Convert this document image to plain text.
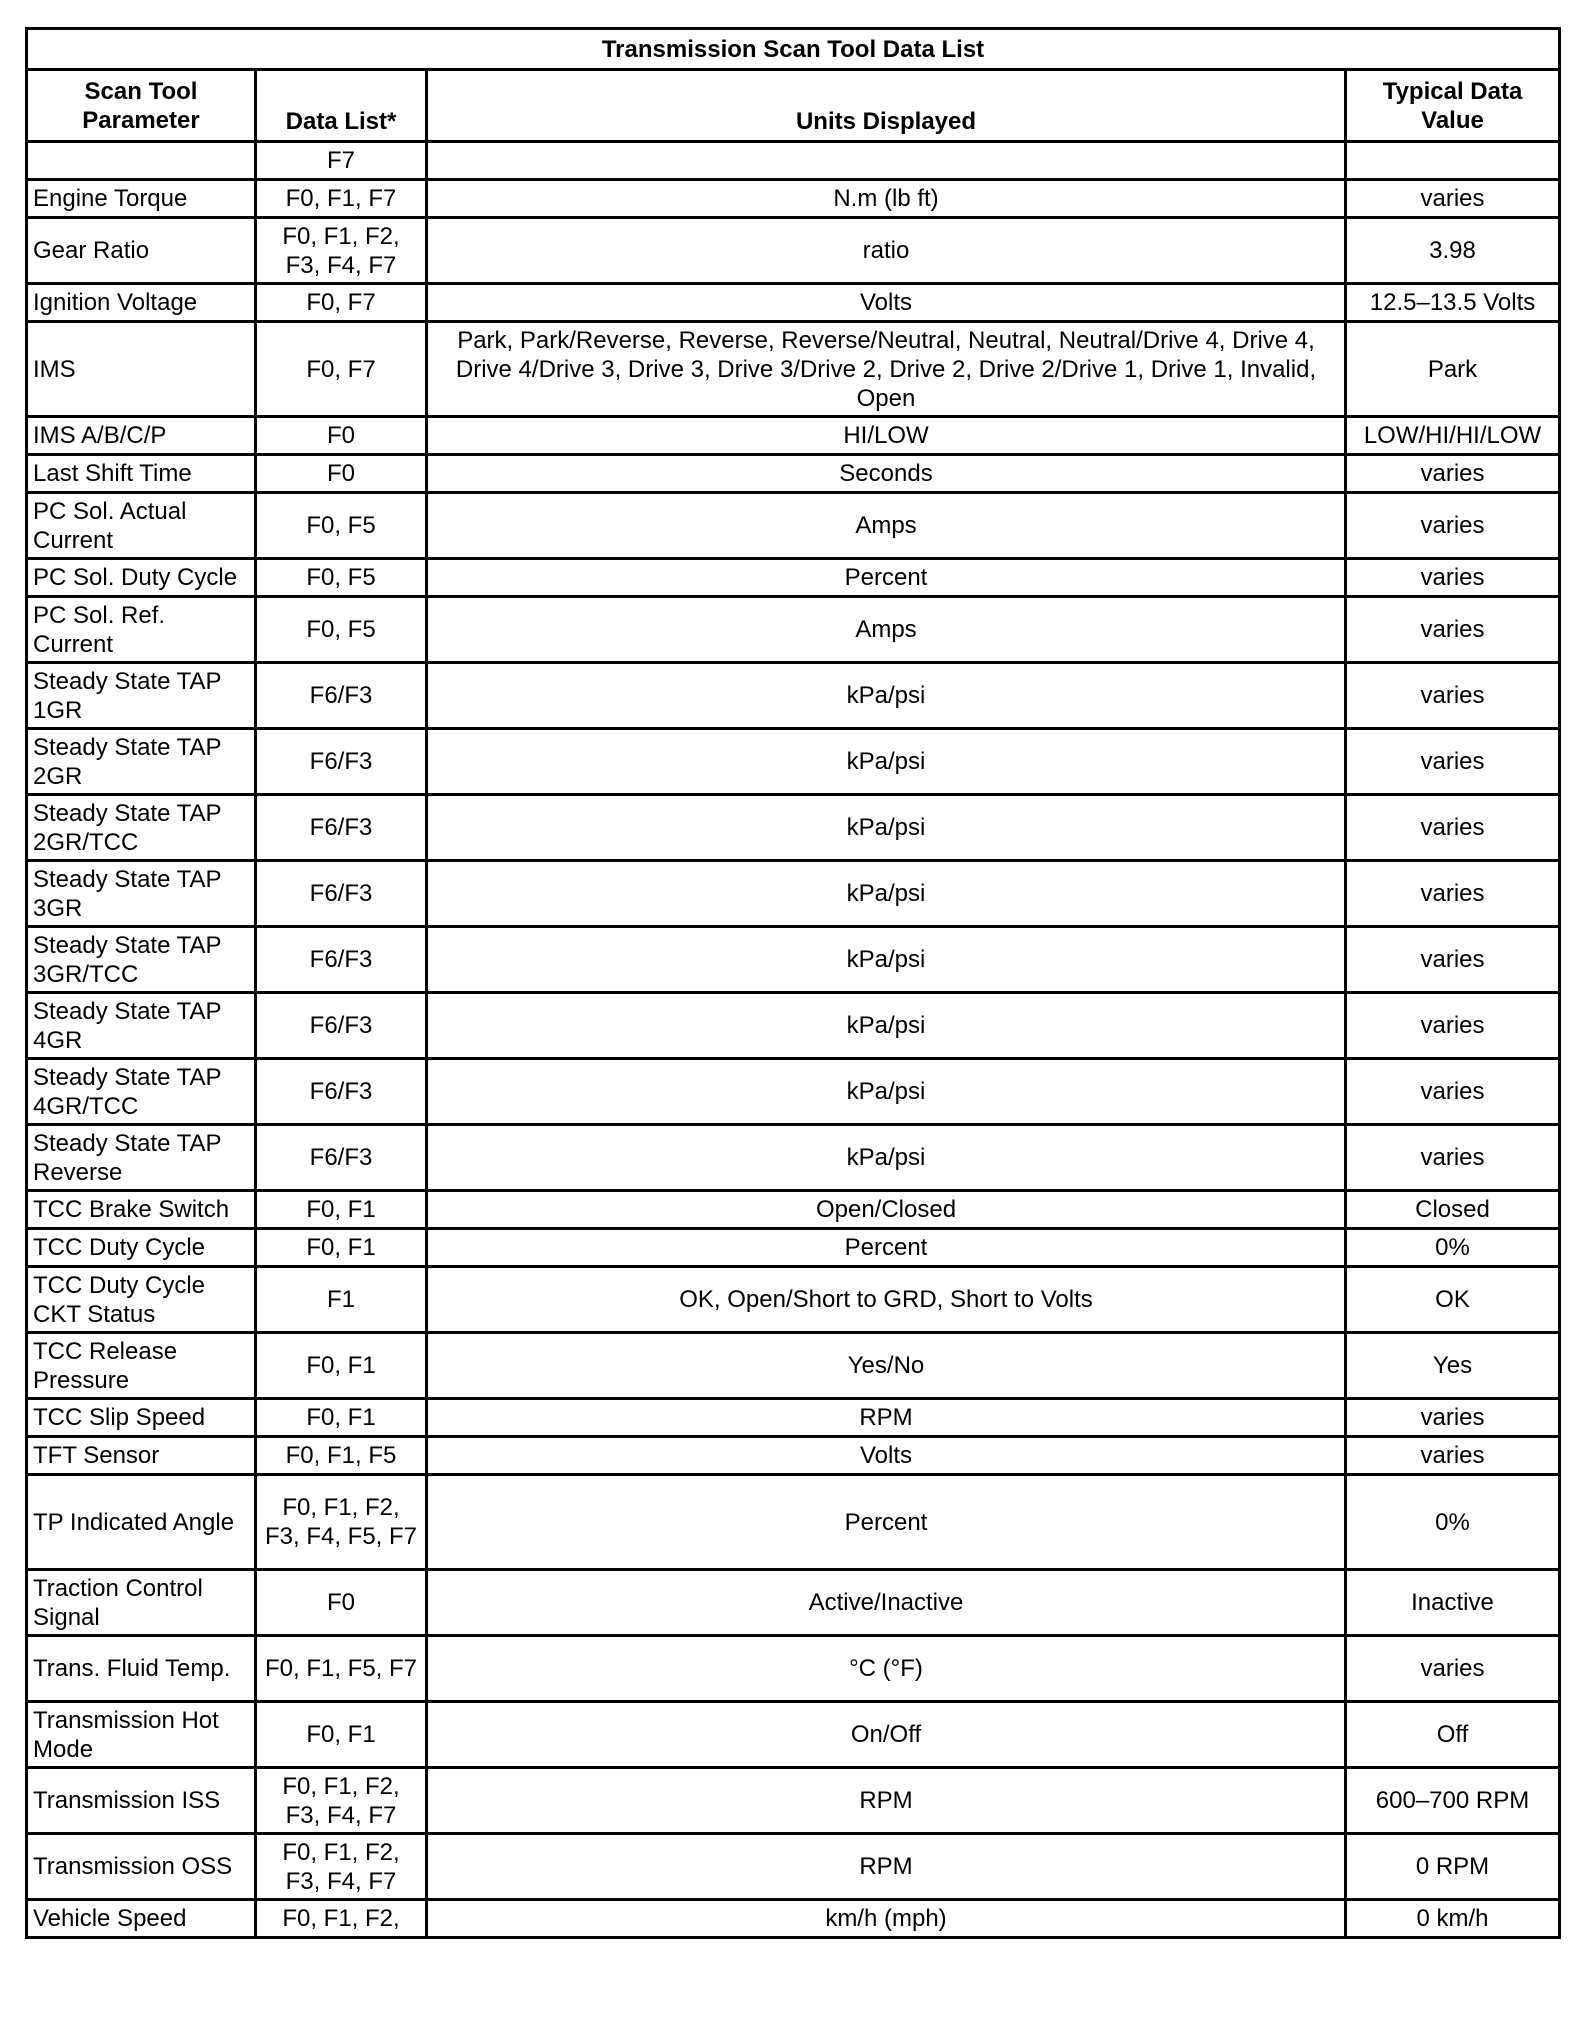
Transmission Scan Tool Data List			
Scan Tool Parameter	Data List*	Units Displayed	Typical Data Value
	F7		
Engine Torque	F0, F1, F7	N.m (lb ft)	varies
Gear Ratio	F0, F1, F2, F3, F4, F7	ratio	3.98
Ignition Voltage	F0, F7	Volts	12.5–13.5 Volts
IMS	F0, F7	Park, Park/Reverse, Reverse, Reverse/Neutral, Neutral, Neutral/Drive 4, Drive 4, Drive 4/Drive 3, Drive 3, Drive 3/Drive 2, Drive 2, Drive 2/Drive 1, Drive 1, Invalid, Open	Park
IMS A/B/C/P	F0	HI/LOW	LOW/HI/HI/LOW
Last Shift Time	F0	Seconds	varies
PC Sol. Actual Current	F0, F5	Amps	varies
PC Sol. Duty Cycle	F0, F5	Percent	varies
PC Sol. Ref. Current	F0, F5	Amps	varies
Steady State TAP 1GR	F6/F3	kPa/psi	varies
Steady State TAP 2GR	F6/F3	kPa/psi	varies
Steady State TAP 2GR/TCC	F6/F3	kPa/psi	varies
Steady State TAP 3GR	F6/F3	kPa/psi	varies
Steady State TAP 3GR/TCC	F6/F3	kPa/psi	varies
Steady State TAP 4GR	F6/F3	kPa/psi	varies
Steady State TAP 4GR/TCC	F6/F3	kPa/psi	varies
Steady State TAP Reverse	F6/F3	kPa/psi	varies
TCC Brake Switch	F0, F1	Open/Closed	Closed
TCC Duty Cycle	F0, F1	Percent	0%
TCC Duty Cycle CKT Status	F1	OK, Open/Short to GRD, Short to Volts	OK
TCC Release Pressure	F0, F1	Yes/No	Yes
TCC Slip Speed	F0, F1	RPM	varies
TFT Sensor	F0, F1, F5	Volts	varies
TP Indicated Angle	F0, F1, F2, F3, F4, F5, F7	Percent	0%
Traction Control Signal	F0	Active/Inactive	Inactive
Trans. Fluid Temp.	F0, F1, F5, F7	°C (°F)	varies
Transmission Hot Mode	F0, F1	On/Off	Off
Transmission ISS	F0, F1, F2, F3, F4, F7	RPM	600–700 RPM
Transmission OSS	F0, F1, F2, F3, F4, F7	RPM	0 RPM
Vehicle Speed	F0, F1, F2,	km/h (mph)	0 km/h
